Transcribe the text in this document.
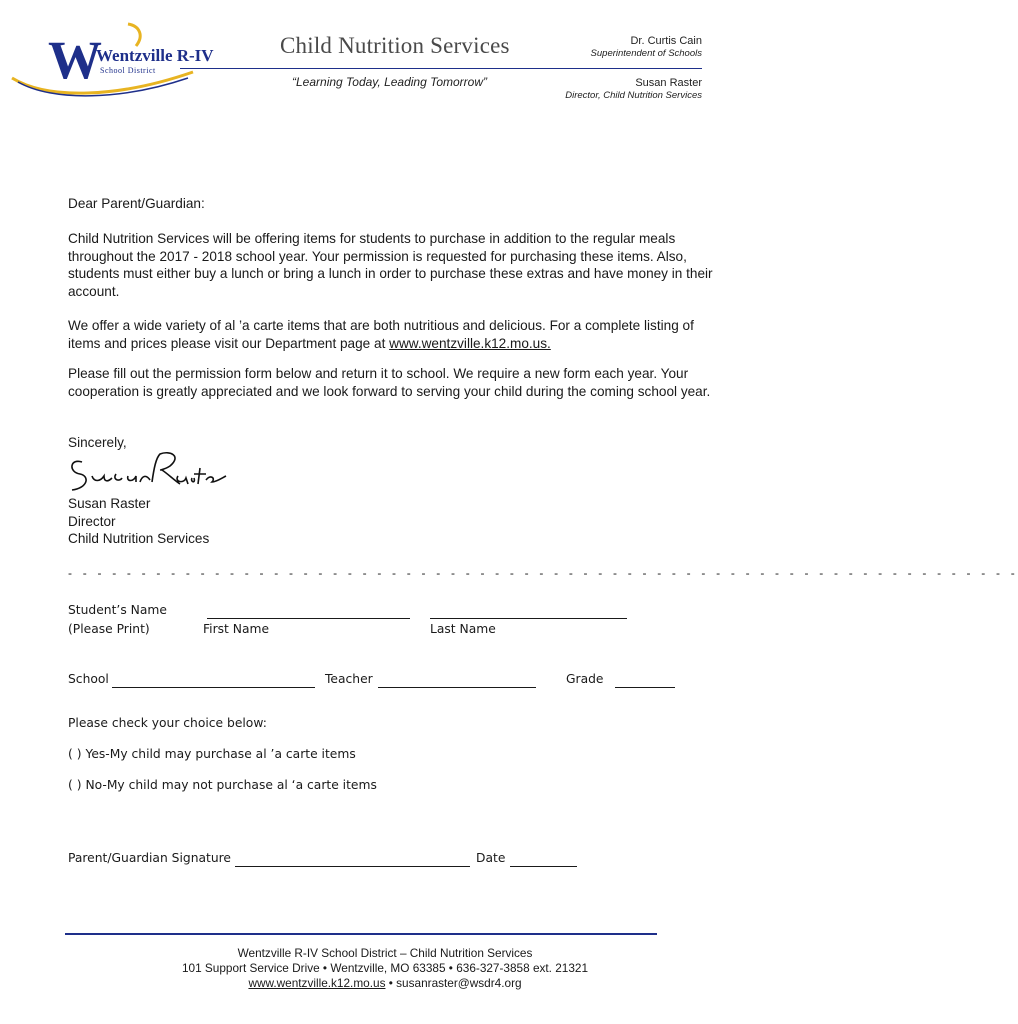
W
Wentzville R-IV
School District
Child Nutrition Services
“Learning Today, Leading Tomorrow”
Dr. Curtis Cain
Superintendent of Schools
Susan Raster
Director, Child Nutrition Services
Dear Parent/Guardian:

Child Nutrition Services will be offering items for students to purchase in addition to the regular meals throughout the 2017 - 2018 school year. Your permission is requested for purchasing these items. Also, students must either buy a lunch or bring a lunch in order to purchase these extras and have money in their account.

We offer a wide variety of al ’a carte items that are both nutritious and delicious. For a complete listing of items and prices please visit our Department page at www.wentzville.k12.mo.us.

Please fill out the permission form below and return it to school. We require a new form each year. Your cooperation is greatly appreciated and we look forward to serving your child during the coming school year.

Sincerely,
Susan Raster
Director
Child Nutrition Services
- - - - - - - - - - - - - - - - - - - - - - - - - - - - - - - - - - - - - - - - - - - - - - - - - - - - - - - - - - - - - - - - -
Student’s Name
(Please Print)	First Name	Last Name
School	Teacher	Grade
Please check your choice below:
( ) Yes-My child may purchase al ’a carte items
( ) No-My child may not purchase al ‘a carte items
Parent/Guardian Signature	Date
Wentzville R-IV School District – Child Nutrition Services
101 Support Service Drive • Wentzville, MO 63385 • 636-327-3858 ext. 21321
www.wentzville.k12.mo.us • susanraster@wsdr4.org
